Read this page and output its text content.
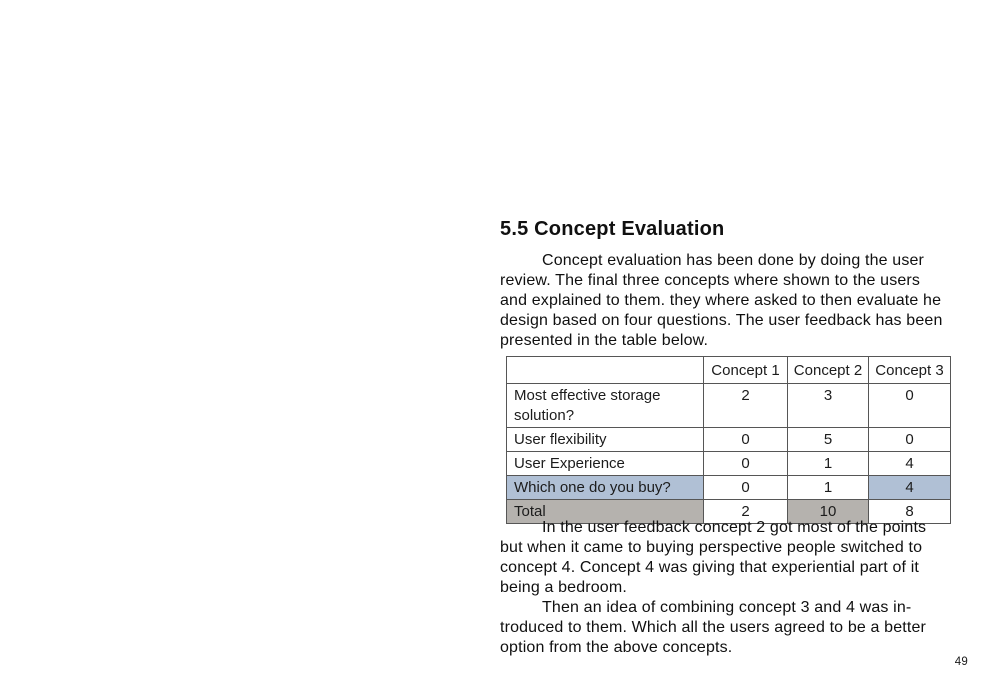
5.5 Concept Evaluation
Concept evaluation has been done by doing the user
review. The final three concepts where shown to the users
and explained to them. they where asked to then evaluate he
design based on four questions. The user feedback has been
presented in the table below.
	Concept 1	Concept 2	Concept 3
Most effective storage solution?	2	3	0
User flexibility	0	5	0
User Experience	0	1	4
Which one do you buy?	0	1	4
Total	2	10	8
In the user feedback concept 2 got most of the points
but when it came to buying perspective people switched to
concept 4. Concept 4 was giving that experiential part of it
being a bedroom.
Then an idea of combining concept 3 and 4 was in-
troduced to them. Which all the users agreed to be a better
option from the above concepts.
49
